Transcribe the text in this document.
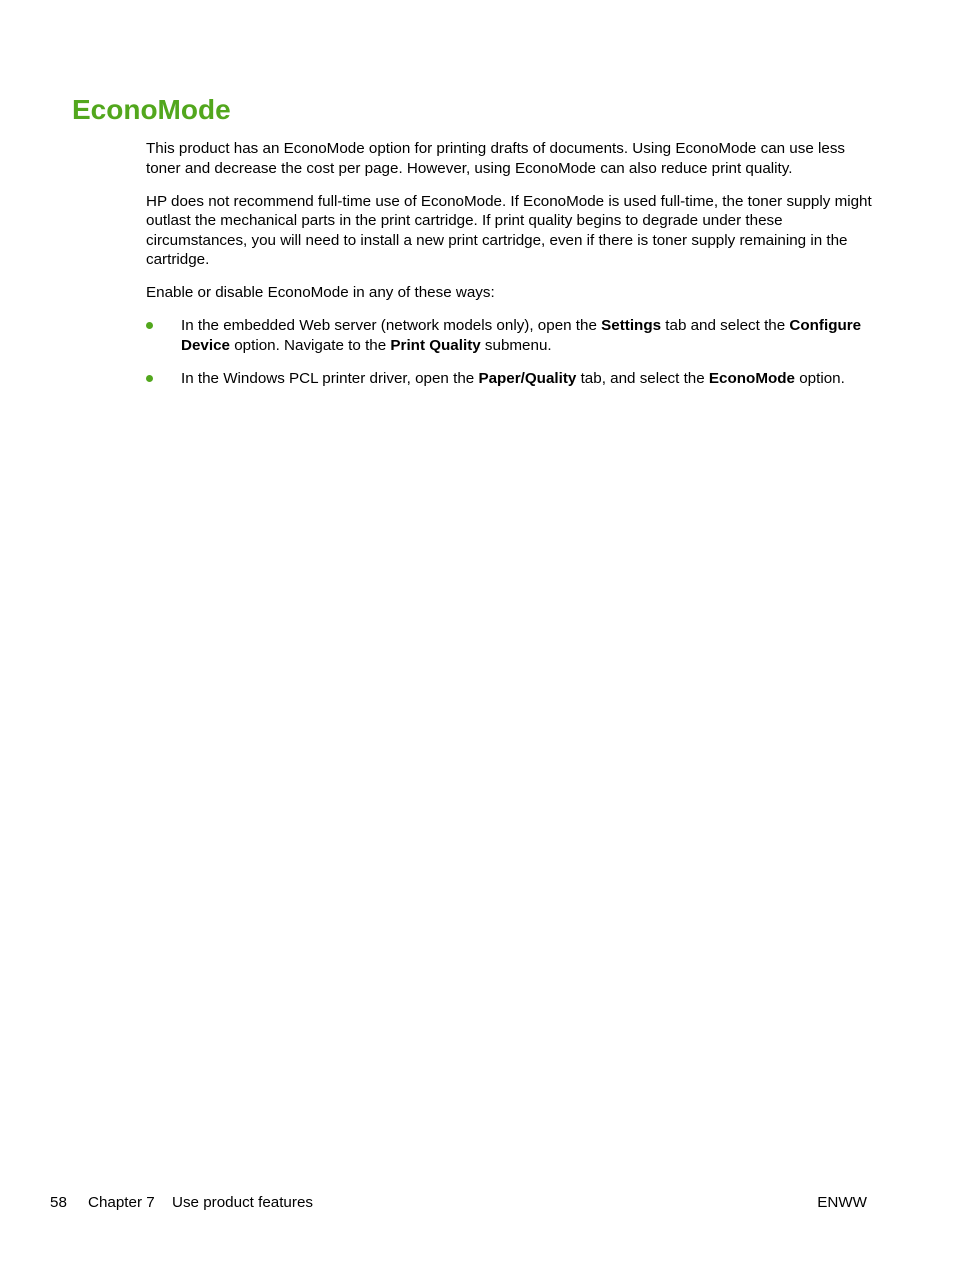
EconoMode

This product has an EconoMode option for printing drafts of documents. Using EconoMode can use less toner and decrease the cost per page. However, using EconoMode can also reduce print quality.

HP does not recommend full-time use of EconoMode. If EconoMode is used full-time, the toner supply might outlast the mechanical parts in the print cartridge. If print quality begins to degrade under these circumstances, you will need to install a new print cartridge, even if there is toner supply remaining in the cartridge.

Enable or disable EconoMode in any of these ways:

In the embedded Web server (network models only), open the Settings tab and select the Configure Device option. Navigate to the Print Quality submenu.
In the Windows PCL printer driver, open the Paper/Quality tab, and select the EconoMode option.
58 Chapter 7 Use product features	ENWW
